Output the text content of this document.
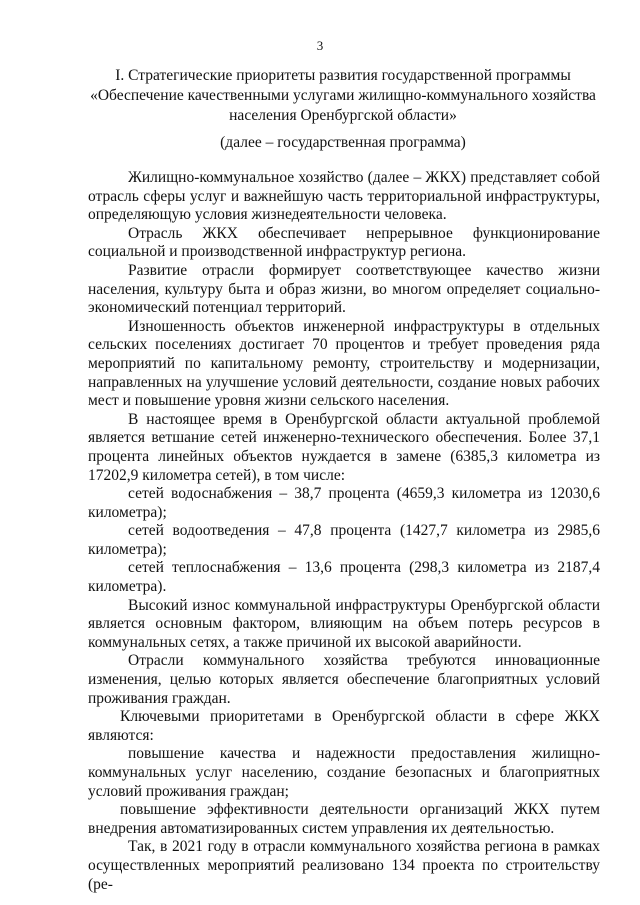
3
I. Стратегические приоритеты развития государственной программы
«Обеспечение качественными услугами жилищно-коммунального хозяйства
населения Оренбургской области»
(далее – государственная программа)

Жилищно-коммунальное хозяйство (далее – ЖКХ) представляет собой отрасль сферы услуг и важнейшую часть территориальной инфраструктуры, определяющую условия жизнедеятельности человека.

Отрасль ЖКХ обеспечивает непрерывное функционирование социальной и производственной инфраструктур региона.

Развитие отрасли формирует соответствующее качество жизни населения, культуру быта и образ жизни, во многом определяет социально-экономический потенциал территорий.

Изношенность объектов инженерной инфраструктуры в отдельных сельских поселениях достигает 70 процентов и требует проведения ряда мероприятий по капитальному ремонту, строительству и модернизации, направленных на улучшение условий деятельности, создание новых рабочих мест и повышение уровня жизни сельского населения.

В настоящее время в Оренбургской области актуальной проблемой является ветшание сетей инженерно-технического обеспечения. Более 37,1 процента линейных объектов нуждается в замене (6385,3 километра из 17202,9 километра сетей), в том числе:

сетей водоснабжения – 38,7 процента (4659,3 километра из 12030,6 километра);

сетей водоотведения – 47,8 процента (1427,7 километра из 2985,6 километра);

сетей теплоснабжения – 13,6 процента (298,3 километра из 2187,4 километра).

Высокий износ коммунальной инфраструктуры Оренбургской области является основным фактором, влияющим на объем потерь ресурсов в коммунальных сетях, а также причиной их высокой аварийности.

Отрасли коммунального хозяйства требуются инновационные изменения, целью которых является обеспечение благоприятных условий проживания граждан.

Ключевыми приоритетами в Оренбургской области в сфере ЖКХ являются:

повышение качества и надежности предоставления жилищно-коммунальных услуг населению, создание безопасных и благоприятных условий проживания граждан;

повышение эффективности деятельности организаций ЖКХ путем внедрения автоматизированных систем управления их деятельностью.

Так, в 2021 году в отрасли коммунального хозяйства региона в рамках осуществленных мероприятий реализовано 134 проекта по строительству (ре-
